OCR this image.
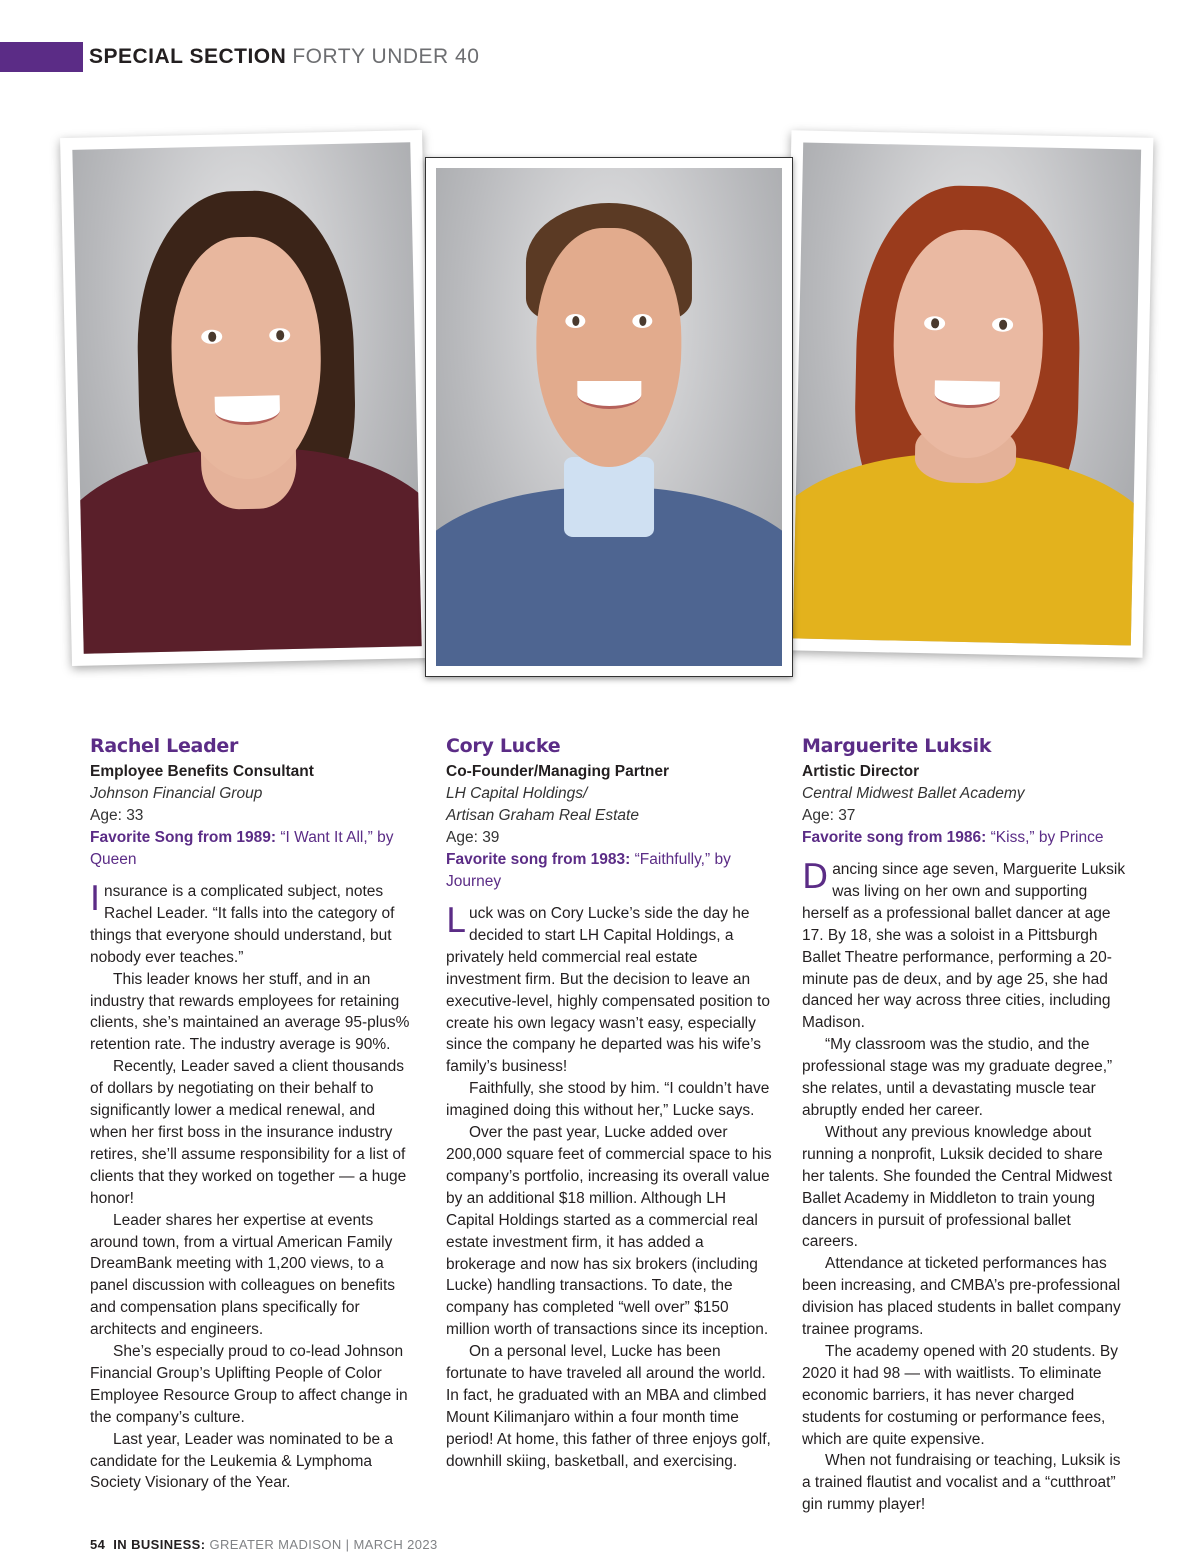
SPECIAL SECTION FORTY UNDER 40
Rachel Leader
Employee Benefits Consultant
Johnson Financial Group
Age: 33
Favorite Song from 1989: “I Want It All,” by Queen

Insurance is a complicated subject, notes Rachel Leader. “It falls into the category of things that everyone should understand, but nobody ever teaches.”

This leader knows her stuff, and in an industry that rewards employees for retaining clients, she’s maintained an average 95-plus% retention rate. The industry average is 90%.

Recently, Leader saved a client thousands of dollars by negotiating on their behalf to significantly lower a medical renewal, and when her first boss in the insurance industry retires, she’ll assume responsibility for a list of clients that they worked on together — a huge honor!

Leader shares her expertise at events around town, from a virtual American Family DreamBank meeting with 1,200 views, to a panel discussion with colleagues on benefits and compensation plans specifically for architects and engineers.

She’s especially proud to co-lead Johnson Financial Group’s Uplifting People of Color Employee Resource Group to affect change in the company’s culture.

Last year, Leader was nominated to be a candidate for the Leukemia & Lymphoma Society Visionary of the Year.

Cory Lucke
Co-Founder/Managing Partner
LH Capital Holdings/
Artisan Graham Real Estate
Age: 39
Favorite song from 1983: “Faithfully,” by Journey

Luck was on Cory Lucke’s side the day he decided to start LH Capital Holdings, a privately held commercial real estate investment firm. But the decision to leave an executive-level, highly compensated position to create his own legacy wasn’t easy, especially since the company he departed was his wife’s family’s business!

Faithfully, she stood by him. “I couldn’t have imagined doing this without her,” Lucke says.

Over the past year, Lucke added over 200,000 square feet of commercial space to his company’s portfolio, increasing its overall value by an additional $18 million. Although LH Capital Holdings started as a commercial real estate investment firm, it has added a brokerage and now has six brokers (including Lucke) handling transactions. To date, the company has completed “well over” $150 million worth of transactions since its inception.

On a personal level, Lucke has been fortunate to have traveled all around the world. In fact, he graduated with an MBA and climbed Mount Kilimanjaro within a four month time period! At home, this father of three enjoys golf, downhill skiing, basketball, and exercising.

Marguerite Luksik
Artistic Director
Central Midwest Ballet Academy
Age: 37
Favorite song from 1986: “Kiss,” by Prince

Dancing since age seven, Marguerite Luksik was living on her own and supporting herself as a professional ballet dancer at age 17. By 18, she was a soloist in a Pittsburgh Ballet Theatre performance, performing a 20-minute pas de deux, and by age 25, she had danced her way across three cities, including Madison.

“My classroom was the studio, and the professional stage was my graduate degree,” she relates, until a devastating muscle tear abruptly ended her career.

Without any previous knowledge about running a nonprofit, Luksik decided to share her talents. She founded the Central Midwest Ballet Academy in Middleton to train young dancers in pursuit of professional ballet careers.

Attendance at ticketed performances has been increasing, and CMBA’s pre-professional division has placed students in ballet company trainee programs.

The academy opened with 20 students. By 2020 it had 98 — with waitlists. To eliminate economic barriers, it has never charged students for costuming or performance fees, which are quite expensive.

When not fundraising or teaching, Luksik is a trained flautist and vocalist and a “cutthroat” gin rummy player!

54 IN BUSINESS: GREATER MADISON | MARCH 2023
